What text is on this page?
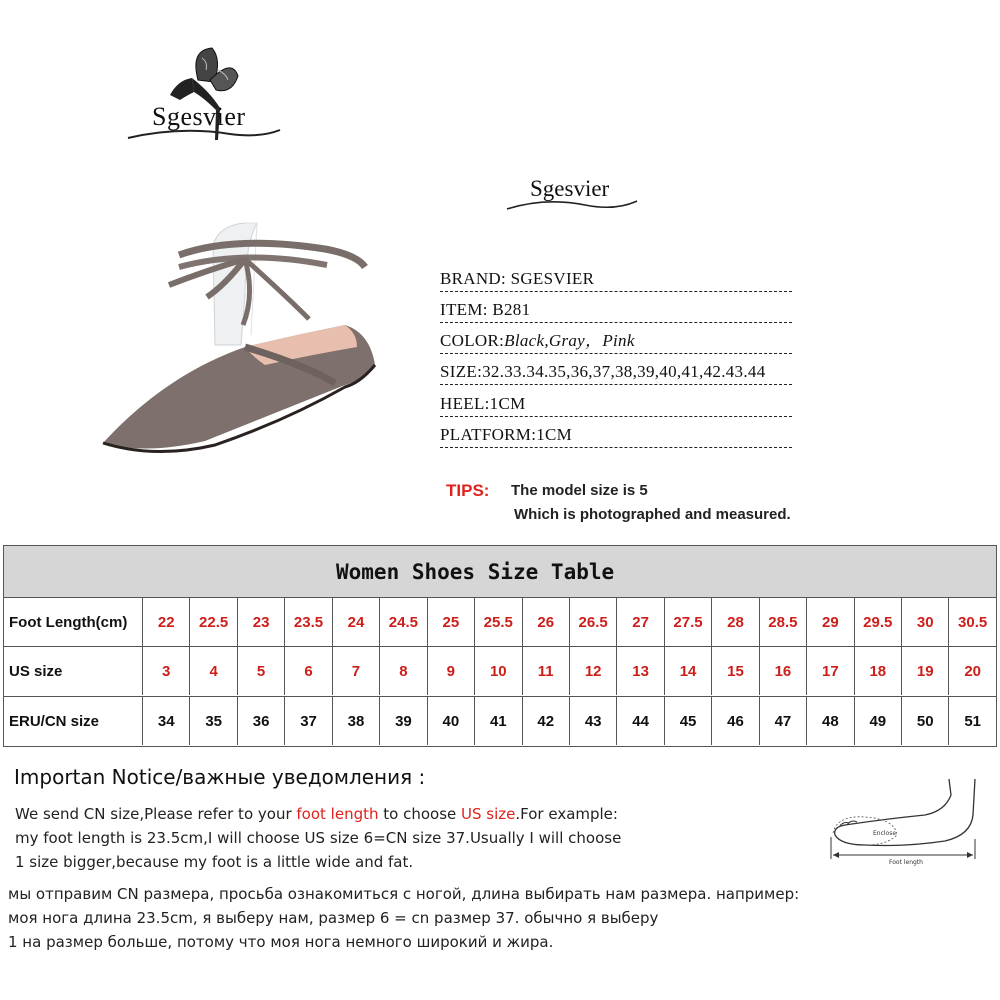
Sgesvier
Sgesvier
BRAND: SGESVIER
ITEM: B281
COLOR:Black,Gray，Pink
SIZE:32.33.34.35,36,37,38,39,40,41,42.43.44
HEEL:1CM
PLATFORM:1CM
TIPS: The model size is 5
Which is photographed and measured.
Women Shoes Size Table
Foot Length(cm)	22	22.5	23	23.5	24	24.5	25	25.5	26	26.5	27	27.5	28	28.5	29	29.5	30	30.5
US size	3	4	5	6	7	8	9	10	11	12	13	14	15	16	17	18	19	20
ERU/CN size	34	35	36	37	38	39	40	41	42	43	44	45	46	47	48	49	50	51
Importan Notice/важные уведомления :
We send CN size,Please refer to your foot length to choose US size.For example:
my foot length is 23.5cm,I will choose US size 6=CN size 37.Usually I will choose
1 size bigger,because my foot is a little wide and fat.
мы отправим CN размера, просьба ознакомиться с ногой, длина выбирать нам размера. например:
моя нога длина 23.5cm, я выберу нам, размер 6 = cn размер 37. обычно я выберу
1 на размер больше, потому что моя нога немного широкий и жира.
Enclose
Foot length
